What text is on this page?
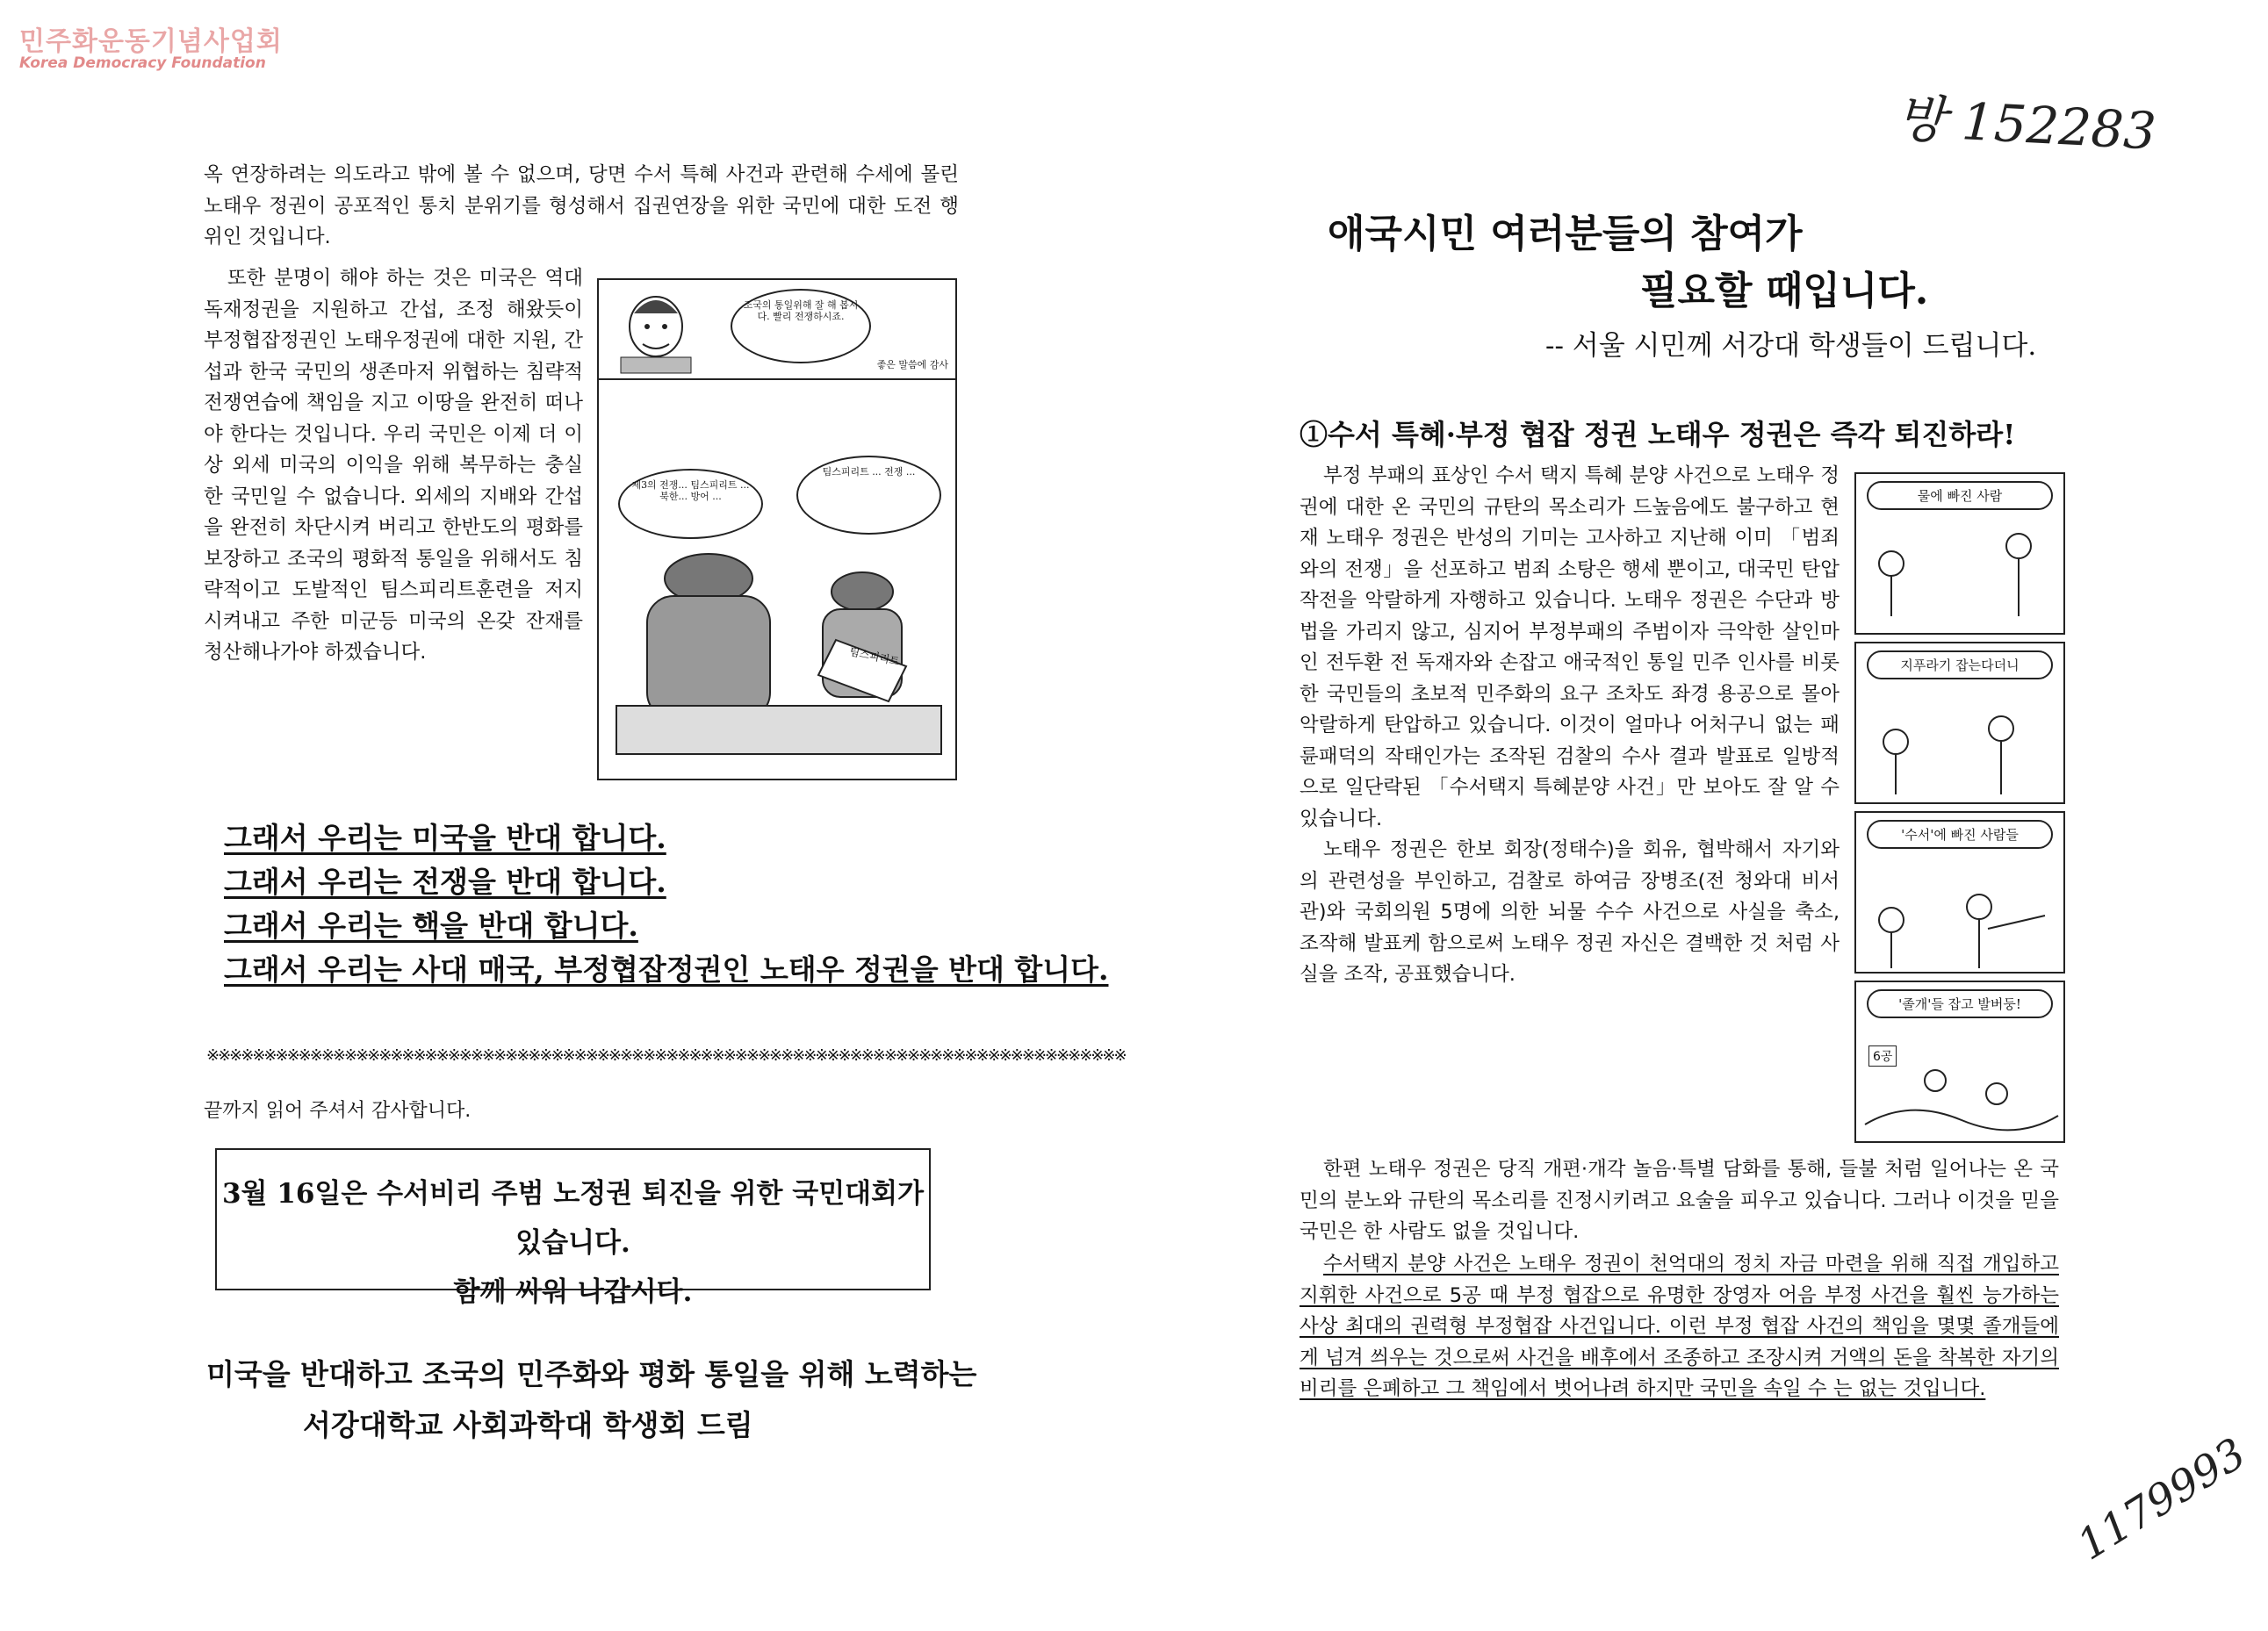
민주화운동기념사업회
Korea Democracy Foundation
방 152283
1179993
옥 연장하려는 의도라고 밖에 볼 수 없으며, 당면 수서 특혜 사건과 관련해 수세에 몰린 노태우 정권이 공포적인 통치 분위기를 형성해서 집권연장을 위한 국민에 대한 도전 행위인 것입니다.

또한 분명이 해야 하는 것은 미국은 역대 독재정권을 지원하고 간섭, 조정 해왔듯이 부정협잡정권인 노태우정권에 대한 지원, 간섭과 한국 국민의 생존마저 위협하는 침략적 전쟁연습에 책임을 지고 이땅을 완전히 떠나야 한다는 것입니다. 우리 국민은 이제 더 이상 외세 미국의 이익을 위해 복무하는 충실한 국민일 수 없습니다. 외세의 지배와 간섭을 완전히 차단시켜 버리고 한반도의 평화를 보장하고 조국의 평화적 통일을 위해서도 침략적이고 도발적인 팀스피리트훈련을 저지시켜내고 주한 미군등 미국의 온갖 잔재를 청산해나가야 하겠습니다.

조국의 통일위해 잘 해 봅시다. 빨리 전쟁하시죠.
좋은 말씀에 감사
제3의 전쟁... 팀스피리트 ... 북한... 방어 ...
팀스피리트 ... 전쟁 ...
팀스피리트
그래서 우리는 미국을 반대 합니다.
그래서 우리는 전쟁을 반대 합니다.
그래서 우리는 핵을 반대 합니다.
그래서 우리는 사대 매국, 부정협잡정권인 노태우 정권을 반대 합니다.
※※※※※※※※※※※※※※※※※※※※※※※※※※※※※※※※※※※※※※※※※※※※※※※※※※※※※※※※※※※※※※※※※※※※※※※※※※※※※※※※
끝까지 읽어 주셔서 감사합니다.
3월 16일은 수서비리 주범 노정권 퇴진을 위한 국민대회가 있습니다.
함께 싸워 나갑시다.
미국을 반대하고 조국의 민주화와 평화 통일을 위해 노력하는
서강대학교 사회과학대 학생회 드림
애국시민 여러분들의 참여가
필요할 때입니다.
-- 서울 시민께 서강대 학생들이 드립니다.
①수서 특혜·부정 협잡 정권 노태우 정권은 즉각 퇴진하라!

부정 부패의 표상인 수서 택지 특혜 분양 사건으로 노태우 정권에 대한 온 국민의 규탄의 목소리가 드높음에도 불구하고 현재 노태우 정권은 반성의 기미는 고사하고 지난해 이미 「범죄와의 전쟁」을 선포하고 범죄 소탕은 행세 뿐이고, 대국민 탄압 작전을 악랄하게 자행하고 있습니다. 노태우 정권은 수단과 방법을 가리지 않고, 심지어 부정부패의 주범이자 극악한 살인마인 전두환 전 독재자와 손잡고 애국적인 통일 민주 인사를 비롯한 국민들의 초보적 민주화의 요구 조차도 좌경 용공으로 몰아 악랄하게 탄압하고 있습니다. 이것이 얼마나 어처구니 없는 패륜패덕의 작태인가는 조작된 검찰의 수사 결과 발표로 일방적으로 일단락된 「수서택지 특혜분양 사건」만 보아도 잘 알 수 있습니다.

노태우 정권은 한보 회장(정태수)을 회유, 협박해서 자기와의 관련성을 부인하고, 검찰로 하여금 장병조(전 청와대 비서관)와 국회의원 5명에 의한 뇌물 수수 사건으로 사실을 축소, 조작해 발표케 함으로써 노태우 정권 자신은 결백한 것 처럼 사실을 조작, 공표했습니다.

물에 빠진 사람
지푸라기 잡는다더니
'수서'에 빠진 사람들
'졸개'들 잡고 발버둥!
6공

한편 노태우 정권은 당직 개편·개각 놀음·특별 담화를 통해, 들불 처럼 일어나는 온 국민의 분노와 규탄의 목소리를 진정시키려고 요술을 피우고 있습니다. 그러나 이것을 믿을 국민은 한 사람도 없을 것입니다.

수서택지 분양 사건은 노태우 정권이 천억대의 정치 자금 마련을 위해 직접 개입하고 지휘한 사건으로 5공 때 부정 협잡으로 유명한 장영자 어음 부정 사건을 훨씬 능가하는 사상 최대의 권력형 부정협잡 사건입니다. 이런 부정 협잡 사건의 책임을 몇몇 졸개들에게 넘겨 씌우는 것으로써 사건을 배후에서 조종하고 조장시켜 거액의 돈을 착복한 자기의 비리를 은폐하고 그 책임에서 벗어나려 하지만 국민을 속일 수 는 없는 것입니다.
